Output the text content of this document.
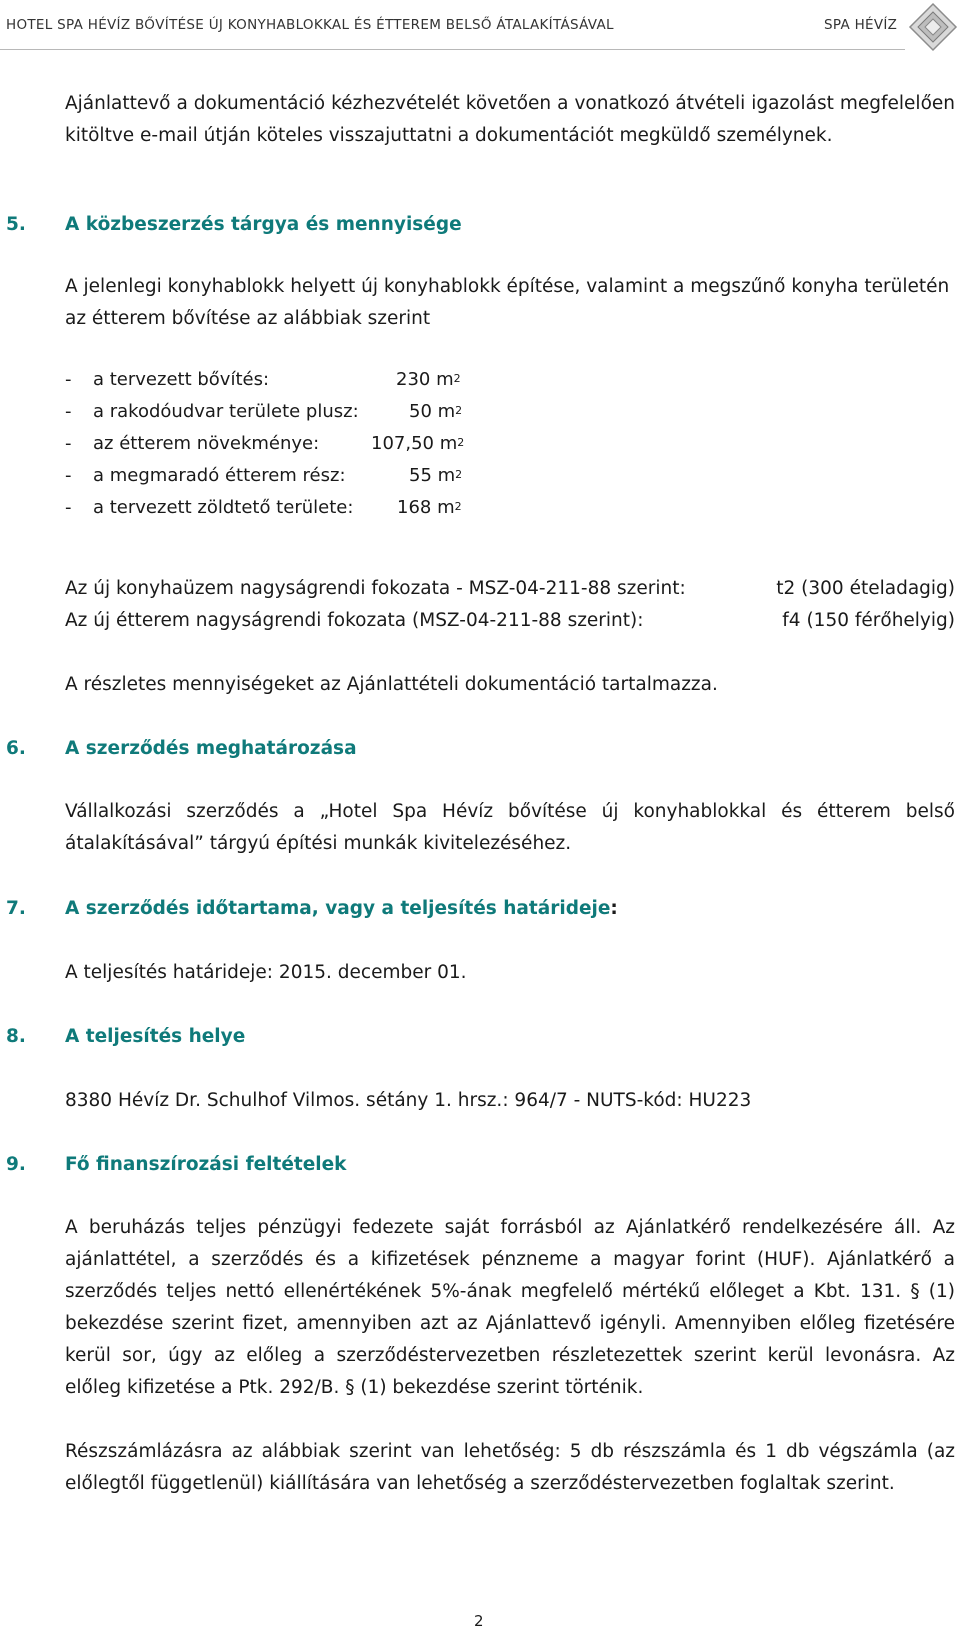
HOTEL SPA HÉVÍZ BŐVÍTÉSE ÚJ KONYHABLOKKAL ÉS ÉTTEREM BELSŐ ÁTALAKÍTÁSÁVAL	SPA HÉVÍZ

Ajánlattevő a dokumentáció kézhezvételét követően a vonatkozó átvételi igazolást megfelelően kitöltve e-mail útján köteles visszajuttatni a dokumentációt megküldő személynek.

5. A közbeszerzés tárgya és mennyisége

A jelenlegi konyhablokk helyett új konyhablokk építése, valamint a megszűnő konyha területén az étterem bővítése az alábbiak szerint

- a tervezett bővítés:	230 $m^2$
- a rakodóudvar területe plusz:	50 $m^2$
- az étterem növekménye:	107,50 $m^2$
- a megmaradó étterem rész:	55 $m^2$
- a tervezett zöldtető területe: 168 $m^2$
Az új konyhaüzem nagyságrendi fokozata - MSZ-04-211-88 szerint:	t2 (300 ételadagig)
Az új étterem nagyságrendi fokozata (MSZ-04-211-88 szerint):	f4 (150 férőhelyig)

A részletes mennyiségeket az Ajánlattételi dokumentáció tartalmazza.

6. A szerződés meghatározása

Vállalkozási szerződés a „Hotel Spa Hévíz bővítése új konyhablokkal és étterem belső átalakításával” tárgyú építési munkák kivitelezéséhez.

7. A szerződés időtartama, vagy a teljesítés határideje:

A teljesítés határideje: 2015. december 01.

8. A teljesítés helye

8380 Hévíz Dr. Schulhof Vilmos. sétány 1. hrsz.: 964/7 - NUTS-kód: HU223

9. Fő finanszírozási feltételek

A beruházás teljes pénzügyi fedezete saját forrásból az Ajánlatkérő rendelkezésére áll. Az ajánlattétel, a szerződés és a kifizetések pénzneme a magyar forint (HUF). Ajánlatkérő a szerződés teljes nettó ellenértékének 5%-ának megfelelő mértékű előleget a Kbt. 131. § (1) bekezdése szerint fizet, amennyiben azt az Ajánlattevő igényli. Amennyiben előleg fizetésére kerül sor, úgy az előleg a szerződéstervezetben részletezettek szerint kerül levonásra. Az előleg kifizetése a Ptk. 292/B. § (1) bekezdése szerint történik.

Részszámlázásra az alábbiak szerint van lehetőség: 5 db részszámla és 1 db végszámla (az előlegtől függetlenül) kiállítására van lehetőség a szerződéstervezetben foglaltak szerint.

2
